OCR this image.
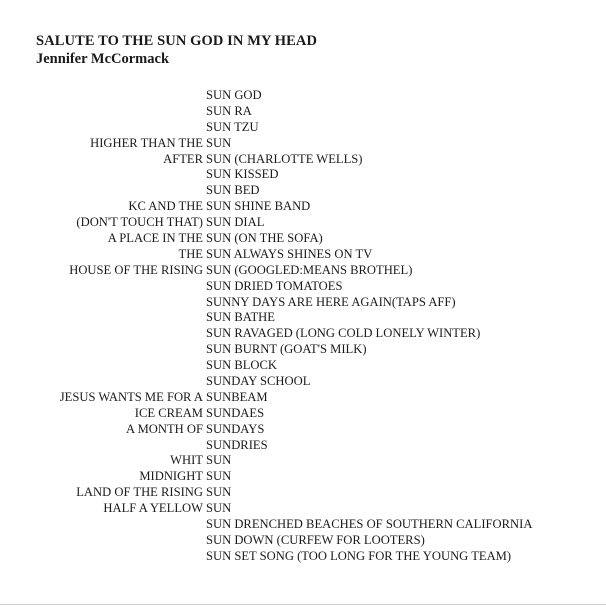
SALUTE TO THE SUN GOD IN MY HEAD
Jennifer McCormack
SUN GOD
SUN RA
SUN TZU
HIGHER THAN THE SUN
AFTER SUN (CHARLOTTE WELLS)
SUN KISSED
SUN BED
KC AND THE SUN SHINE BAND
(DON'T TOUCH THAT) SUN DIAL
A PLACE IN THE SUN (ON THE SOFA)
THE SUN ALWAYS SHINES ON TV
HOUSE OF THE RISING SUN (GOOGLED:MEANS BROTHEL)
SUN DRIED TOMATOES
SUNNY DAYS ARE HERE AGAIN(TAPS AFF)
SUN BATHE
SUN RAVAGED (LONG COLD LONELY WINTER)
SUN BURNT (GOAT'S MILK)
SUN BLOCK
SUNDAY SCHOOL
JESUS WANTS ME FOR A SUNBEAM
ICE CREAM SUNDAES
A MONTH OF SUNDAYS
SUNDRIES
WHIT SUN
MIDNIGHT SUN
LAND OF THE RISING SUN
HALF A YELLOW SUN
SUN DRENCHED BEACHES OF SOUTHERN CALIFORNIA
SUN DOWN (CURFEW FOR LOOTERS)
SUN SET SONG (TOO LONG FOR THE YOUNG TEAM)
